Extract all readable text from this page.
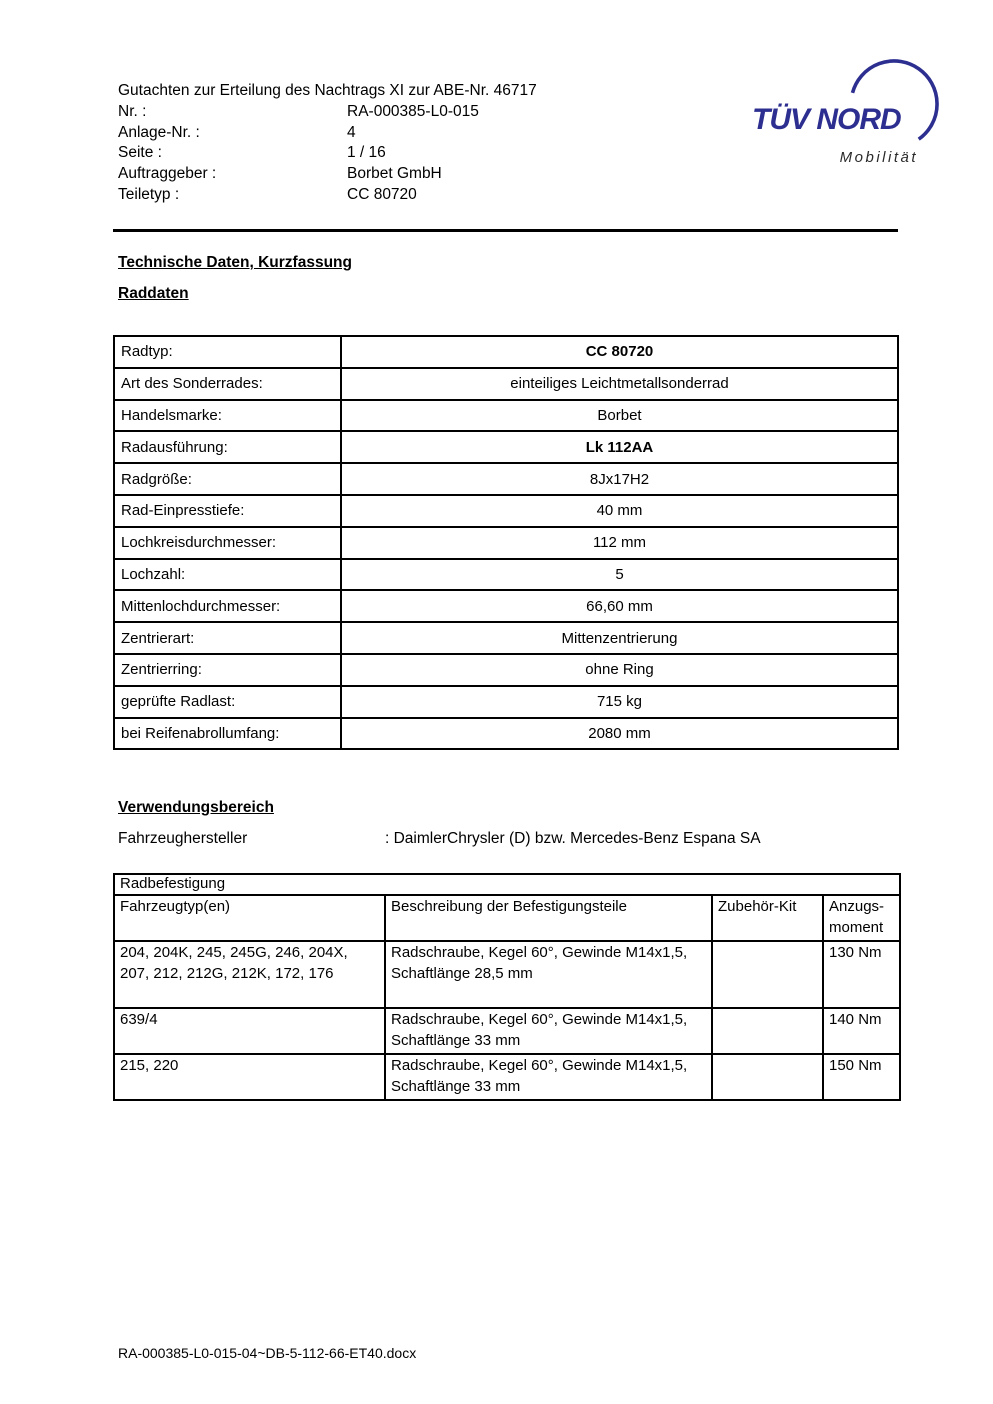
Gutachten zur Erteilung des Nachtrags XI zur ABE-Nr. 46717
Nr. :	RA-000385-L0-015
Anlage-Nr. :	4
Seite :	1 / 16
Auftraggeber :	Borbet GmbH
Teiletyp :	CC 80720
TÜV NORD
Mobilität
Technische Daten, Kurzfassung
Raddaten
Radtyp:	CC 80720
Art des Sonderrades:	einteiliges Leichtmetallsonderrad
Handelsmarke:	Borbet
Radausführung:	Lk 112AA
Radgröße:	8Jx17H2
Rad-Einpresstiefe:	40 mm
Lochkreisdurchmesser:	112 mm
Lochzahl:	5
Mittenlochdurchmesser:	66,60 mm
Zentrierart:	Mittenzentrierung
Zentrierring:	ohne Ring
geprüfte Radlast:	715 kg
bei Reifenabrollumfang:	2080 mm
Verwendungsbereich
Fahrzeughersteller	: DaimlerChrysler (D) bzw. Mercedes-Benz Espana SA
Radbefestigung			
Fahrzeugtyp(en)	Beschreibung der Befestigungsteile	Zubehör-Kit	Anzugs-moment
204, 204K, 245, 245G, 246, 204X, 207, 212, 212G, 212K, 172, 176	Radschraube, Kegel 60°, Gewinde M14x1,5, Schaftlänge 28,5 mm		130 Nm
639/4	Radschraube, Kegel 60°, Gewinde M14x1,5, Schaftlänge 33 mm		140 Nm
215, 220	Radschraube, Kegel 60°, Gewinde M14x1,5, Schaftlänge 33 mm		150 Nm
RA-000385-L0-015-04~DB-5-112-66-ET40.docx
